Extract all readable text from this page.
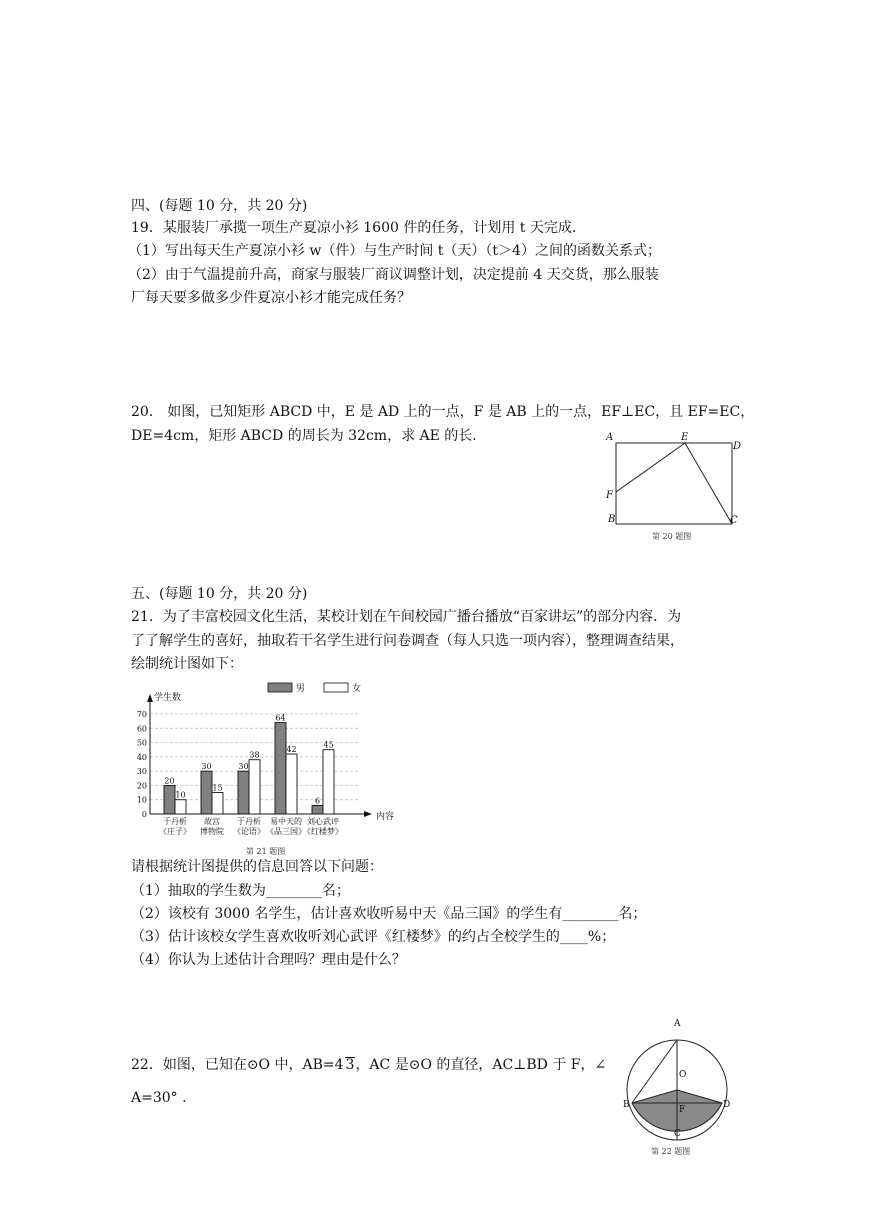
四、(每题 10 分，共 20 分)
19．某服装厂承揽一项生产夏凉小衫 1600 件的任务，计划用 t 天完成．
（1）写出每天生产夏凉小衫 w（件）与生产时间 t（天）（t＞4）之间的函数关系式；
（2）由于气温提前升高，商家与服装厂商议调整计划，决定提前 4 天交货，那么服装
厂每天要多做多少件夏凉小衫才能完成任务？
20． 如图，已知矩形 ABCD 中，E 是 AD 上的一点，F 是 AB 上的一点，EF⊥EC，且 EF=EC，
DE=4cm，矩形 ABCD 的周长为 32cm，求 AE 的长．	A	E
D
F
B	C
第 20 题图
五、(每题 10 分，共 20 分)
21．为了丰富校园文化生活，某校计划在午间校园广播台播放“百家讲坛”的部分内容．为
了了解学生的喜好，抽取若干名学生进行问卷调查（每人只选一项内容），整理调查结果，
绘制统计图如下：
0
10
20
30
40
50
60
70
学生数
内容
男	女
20
10
于丹析
《庄子》
30
15
故宫
博物院
30
38
于丹析
《论语》
64
42
易中天的
《品三国》
6
45
刘心武评
《红楼梦》
第 21 题图
请根据统计图提供的信息回答以下问题：
（1）抽取的学生数为________名；
（2）该校有 3000 名学生，估计喜欢收听易中天《品三国》的学生有________名；
（3）估计该校女学生喜欢收听刘心武评《红楼梦》的约占全校学生的____%；
（4）你认为上述估计合理吗？理由是什么？
22．如图，已知在⊙O 中，AB=4 3，AC 是⊙O 的直径，AC⊥BD 于 F，∠
A=30° .
A
O
B	D
F
C
第 22 题图
